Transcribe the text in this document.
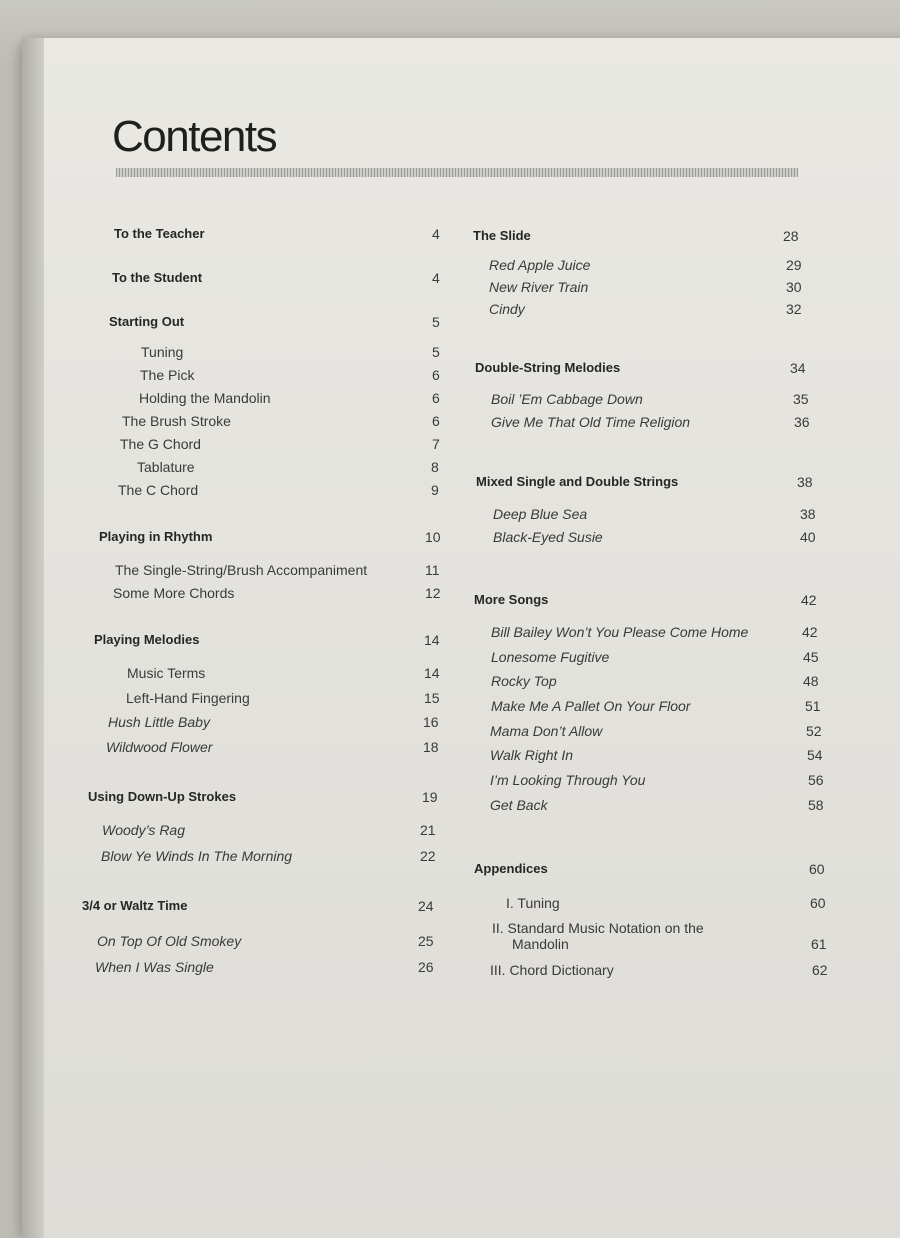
Contents
To the Teacher	4
To the Student	4
Starting Out	5
Tuning	5
The Pick	6
Holding the Mandolin	6
The Brush Stroke	6
The G Chord	7
Tablature	8
The C Chord	9
Playing in Rhythm	10
The Single-String/Brush Accompaniment	11
Some More Chords	12
Playing Melodies	14
Music Terms	14
Left-Hand Fingering	15
Hush Little Baby	16
Wildwood Flower	18
Using Down-Up Strokes	19
Woody’s Rag	21
Blow Ye Winds In The Morning	22
3/4 or Waltz Time	24
On Top Of Old Smokey	25
When I Was Single	26
The Slide	28
Red Apple Juice	29
New River Train	30
Cindy	32
Double-String Melodies	34
Boil ’Em Cabbage Down	35
Give Me That Old Time Religion	36
Mixed Single and Double Strings	38
Deep Blue Sea	38
Black-Eyed Susie	40
More Songs	42
Bill Bailey Won’t You Please Come Home	42
Lonesome Fugitive	45
Rocky Top	48
Make Me A Pallet On Your Floor	51
Mama Don’t Allow	52
Walk Right In	54
I’m Looking Through You	56
Get Back	58
Appendices	60
I. Tuning	60
II. Standard Music Notation on the
Mandolin	61
III. Chord Dictionary	62
